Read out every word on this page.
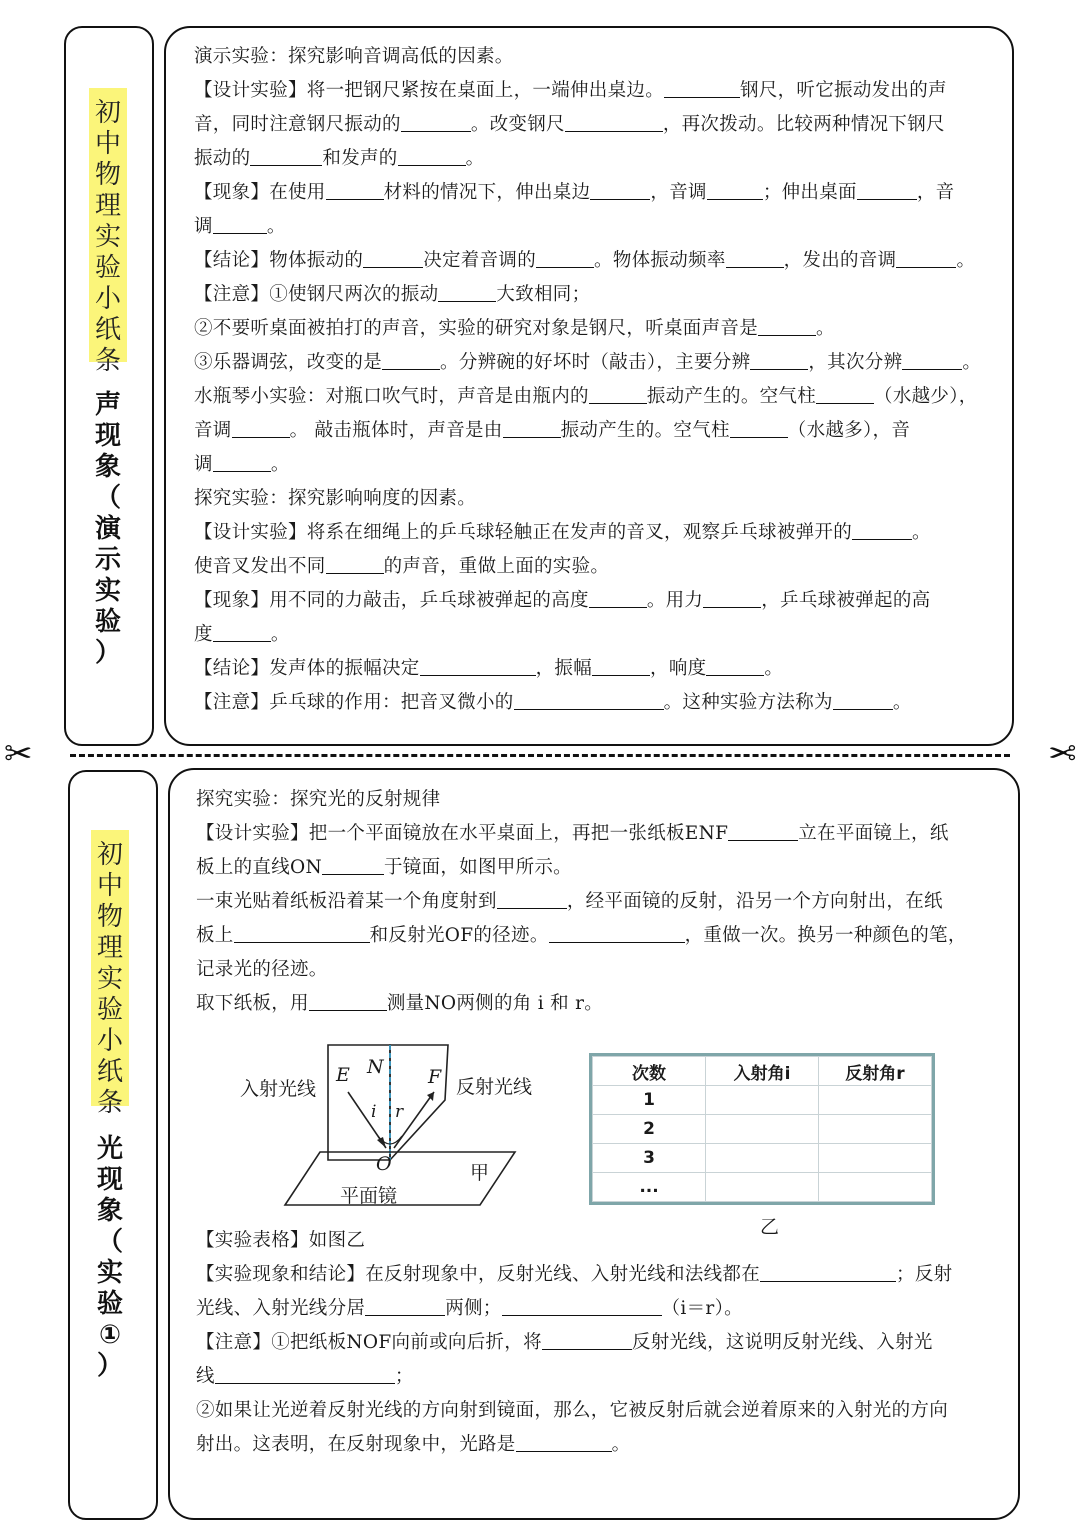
初
中
物
理
实
验
小
纸
条
声
现
象
（
演
示
实
验
）

演示实验：探究影响音调高低的因素。

【设计实验】将一把钢尺紧按在桌面上，一端伸出桌边。	钢尺，听它振动发出的声

音，同时注意钢尺振动的	。改变钢尺	，再次拨动。比较两种情况下钢尺

振动的	和发声的	。

【现象】在使用	材料的情况下，伸出桌边	，音调	；伸出桌面	，音

调	。

【结论】物体振动的	决定着音调的	。物体振动频率	，发出的音调	。

【注意】①使钢尺两次的振动	大致相同；

②不要听桌面被拍打的声音，实验的研究对象是钢尺，听桌面声音是	。

③乐器调弦，改变的是	。分辨碗的好坏时（敲击），主要分辨	，其次分辨	。

水瓶琴小实验：对瓶口吹气时，声音是由瓶内的	振动产生的。空气柱	（水越少），

音调	。 敲击瓶体时，声音是由	振动产生的。空气柱	（水越多），音

调	。

探究实验：探究影响响度的因素。

【设计实验】将系在细绳上的乒乓球轻触正在发声的音叉，观察乒乓球被弹开的	。

使音叉发出不同	的声音，重做上面的实验。

【现象】用不同的力敲击，乒乓球被弹起的高度	。用力	，乒乓球被弹起的高

度	。

【结论】发声体的振幅决定	，振幅	，响度	。

【注意】乒乓球的作用：把音叉微小的	。这种实验方法称为	。

✂	✂
初
中
物
理
实
验
小
纸
条
光
现
象
（
实
验
①
）

探究实验：探究光的反射规律

【设计实验】把一个平面镜放在水平桌面上，再把一张纸板ENF	立在平面镜上，纸

板上的直线ON	于镜面，如图甲所示。

一束光贴着纸板沿着某一个角度射到	，经平面镜的反射，沿另一个方向射出，在纸

板上	和反射光OF的径迹。	，重做一次。换另一种颜色的笔，

记录光的径迹。

取下纸板，用	测量NO两侧的角 i 和 r。

入射光线	反射光线
E N F
i r
O
平面镜
甲
次数	入射角i	反射角r
1		
2		
3		
...		
乙

【实验表格】如图乙

【实验现象和结论】在反射现象中，反射光线、入射光线和法线都在	；反射

光线、入射光线分居	两侧；	（i＝r）。

【注意】①把纸板NOF向前或向后折，将	反射光线，这说明反射光线、入射光

线	；

②如果让光逆着反射光线的方向射到镜面，那么，它被反射后就会逆着原来的入射光的方向

射出。这表明，在反射现象中，光路是	。
